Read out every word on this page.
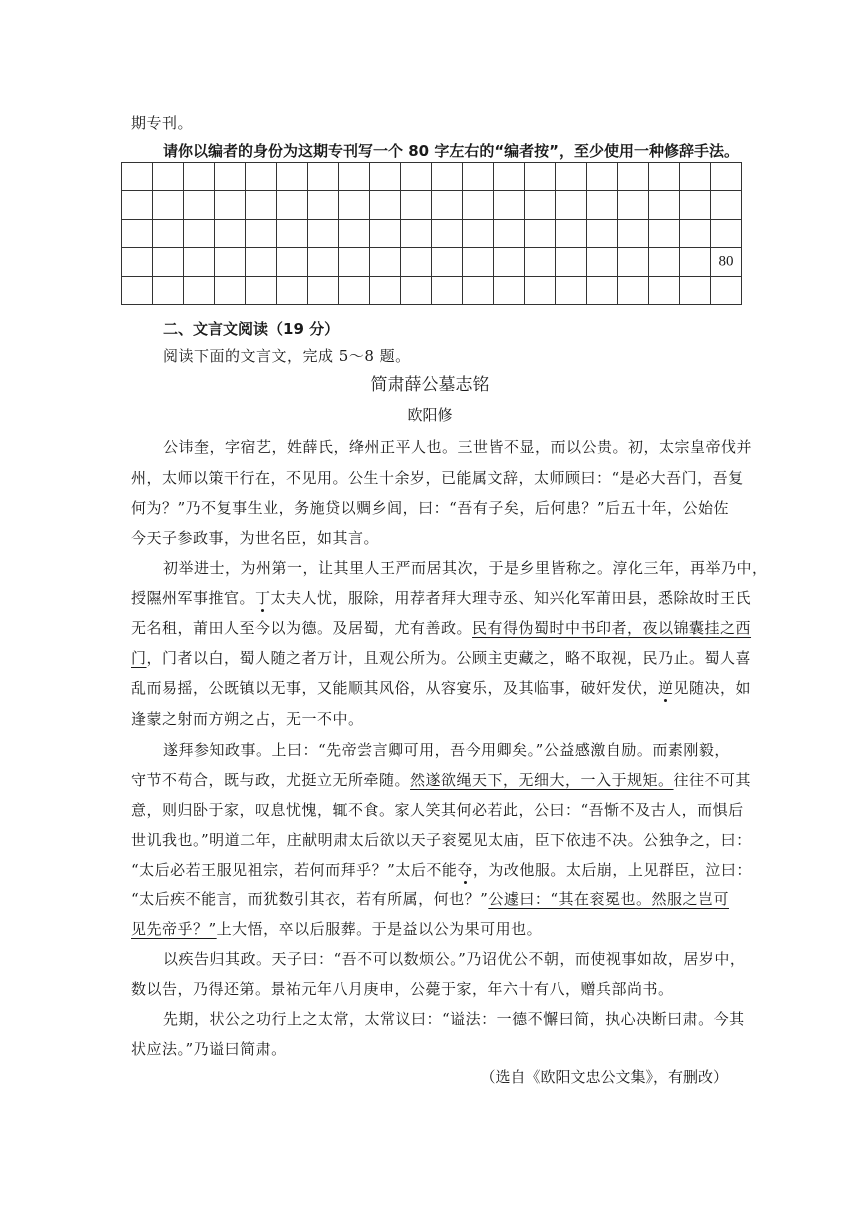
期专刊。
请你以编者的身份为这期专刊写一个 80 字左右的“编者按”，至少使用一种修辞手法。
80
二、文言文阅读（19 分）
阅读下面的文言文，完成 5～8 题。
简肃薛公墓志铭
欧阳修
公讳奎，字宿艺，姓薛氏，绛州正平人也。三世皆不显，而以公贵。初，太宗皇帝伐并
州，太师以策干行在，不见用。公生十余岁，已能属文辞，太师顾曰：“是必大吾门，吾复
何为？”乃不复事生业，务施贷以赒乡闾，曰：“吾有子矣，后何患？”后五十年，公始佐
今天子参政事，为世名臣，如其言。
初举进士，为州第一，让其里人王严而居其次，于是乡里皆称之。淳化三年，再举乃中，
授隰州军事推官。丁太夫人忧，服除，用荐者拜大理寺丞、知兴化军莆田县，悉除故时王氏
无名租，莆田人至今以为德。及居蜀，尤有善政。民有得伪蜀时中书印者，夜以锦囊挂之西
门，门者以白，蜀人随之者万计，且观公所为。公顾主吏藏之，略不取视，民乃止。蜀人喜
乱而易摇，公既镇以无事，又能顺其风俗，从容宴乐，及其临事，破奸发伏，逆见随决，如
逢蒙之射而方朔之占，无一不中。
遂拜参知政事。上曰：“先帝尝言卿可用，吾今用卿矣。”公益感激自励。而素刚毅，
守节不苟合，既与政，尤挺立无所牵随。然遂欲绳天下，无细大，一入于规矩。往往不可其
意，则归卧于家，叹息忧愧，辄不食。家人笑其何必若此，公曰：“吾惭不及古人，而惧后
世讥我也。”明道二年，庄献明肃太后欲以天子衮冕见太庙，臣下依违不决。公独争之，曰：
“太后必若王服见祖宗，若何而拜乎？”太后不能夺，为改他服。太后崩，上见群臣，泣曰：
“太后疾不能言，而犹数引其衣，若有所属，何也？”公遽曰：“其在衮冕也。然服之岂可
见先帝乎？”上大悟，卒以后服葬。于是益以公为果可用也。
以疾告归其政。天子曰：“吾不可以数烦公。”乃诏优公不朝，而使视事如故，居岁中，
数以告，乃得还第。景祐元年八月庚申，公薨于家，年六十有八，赠兵部尚书。
先期，状公之功行上之太常，太常议曰：“谥法：一德不懈曰简，执心决断曰肃。今其
状应法。”乃谥曰简肃。
（选自《欧阳文忠公文集》，有删改）
